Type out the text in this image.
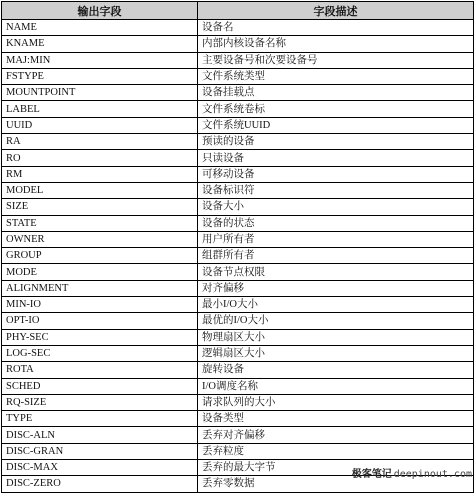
输出字段	字段描述
NAME	设备名
KNAME	内部内核设备名称
MAJ:MIN	主要设备号和次要设备号
FSTYPE	文件系统类型
MOUNTPOINT	设备挂载点
LABEL	文件系统卷标
UUID	文件系统UUID
RA	预读的设备
RO	只读设备
RM	可移动设备
MODEL	设备标识符
SIZE	设备大小
STATE	设备的状态
OWNER	用户所有者
GROUP	组群所有者
MODE	设备节点权限
ALIGNMENT	对齐偏移
MIN-IO	最小I/O大小
OPT-IO	最优的I/O大小
PHY-SEC	物理扇区大小
LOG-SEC	逻辑扇区大小
ROTA	旋转设备
SCHED	I/O调度名称
RQ-SIZE	请求队列的大小
TYPE	设备类型
DISC-ALN	丢弃对齐偏移
DISC-GRAN	丢弃粒度
DISC-MAX	丢弃的最大字节
DISC-ZERO	丢弃零数据
极客笔记 deepinout.com
